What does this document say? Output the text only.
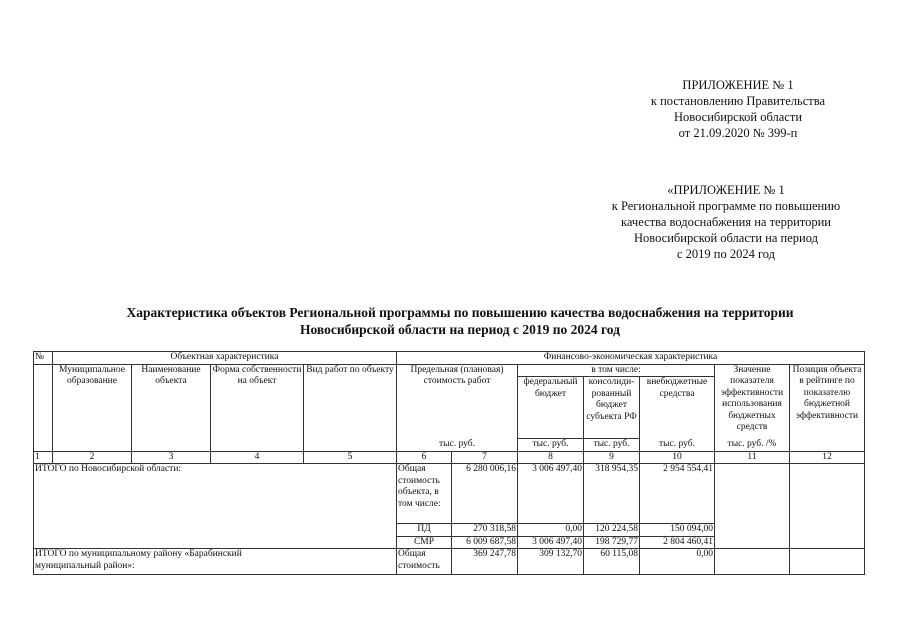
ПРИЛОЖЕНИЕ № 1
к постановлению Правительства
Новосибирской области
от 21.09.2020 № 399-п
«ПРИЛОЖЕНИЕ № 1
к Региональной программе по повышению
качества водоснабжения на территории
Новосибирской области на период
с 2019 по 2024 год
Характеристика объектов Региональной программы по повышению качества водоснабжения на территории
Новосибирской области на период с 2019 по 2024 год
№	Объектная характеристика				Финансово-экономическая характеристика						
	Муниципальное образование	Наименование объекта	Форма собственности на объект	Вид работ по объекту	Предельная (плановая) стоимость работ		в том числе:			Значение показателя эффективности использования бюджетных средств	Позиция объекта в рейтинге по показателю бюджетной эффективности
							федеральный бюджет	консолиди-рованный бюджет субъекта РФ	внебюджетные средства		
					тыс. руб.		тыс. руб.	тыс. руб.	тыс. руб.	тыс. руб. /%	
1	2	3	4	5	6	7	8	9	10	11	12
ИТОГО по Новосибирской области:					Общая стоимость объекта, в том числе:	6 280 006,16	3 006 497,40	318 954,35	2 954 554,41		
					ПД	270 318,58	0,00	120 224,58	150 094,00		
					СМР	6 009 687,58	3 006 497,40	198 729,77	2 804 460,41		
ИТОГО по муниципальному району «Барабинский муниципальный район»:					Общая стоимость	369 247,78	309 132,70	60 115,08	0,00		
